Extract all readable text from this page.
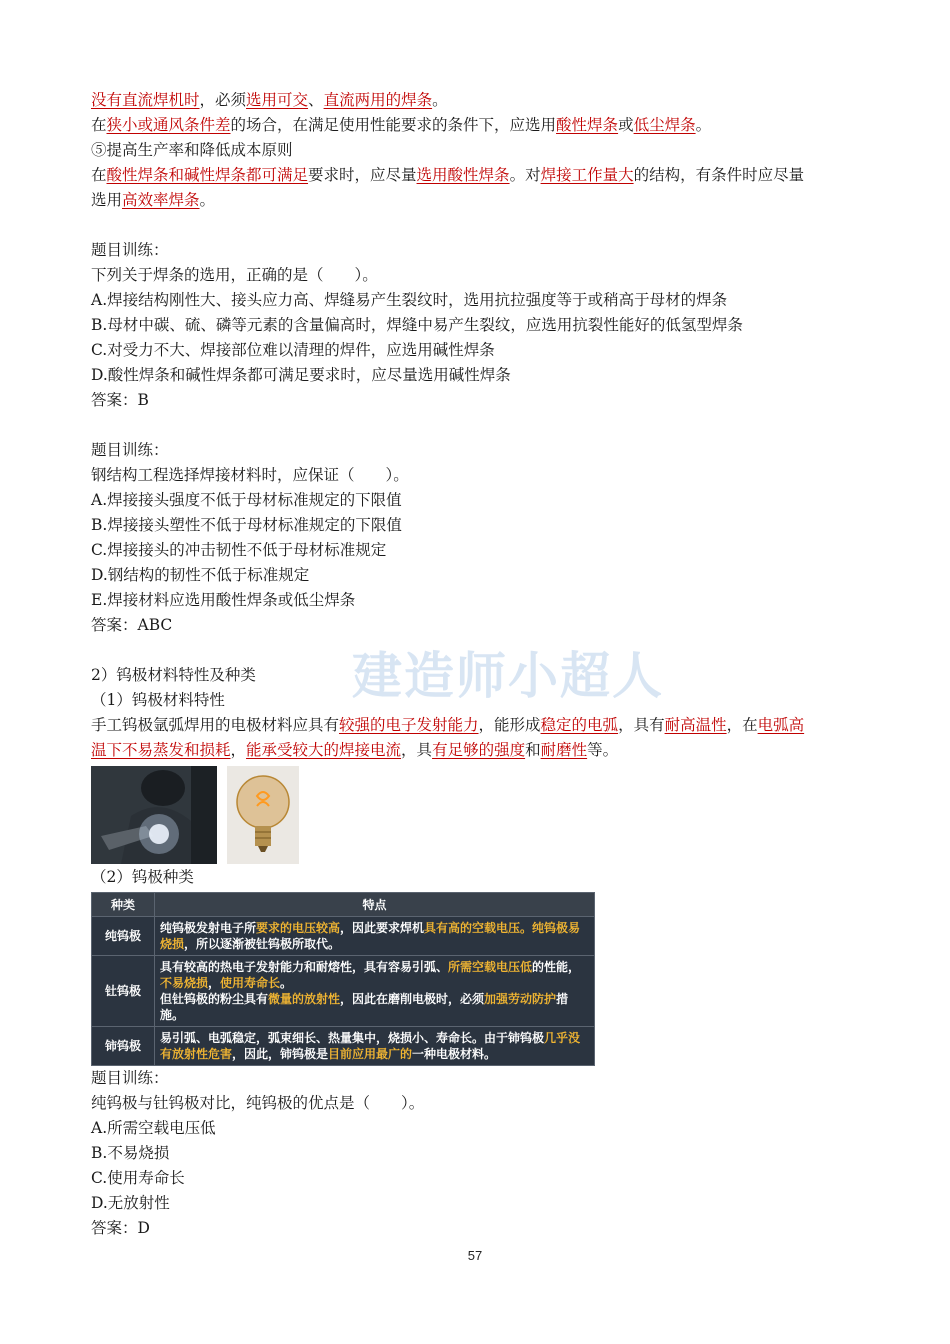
没有直流焊机时，必须选用可交、直流两用的焊条。
在狭小或通风条件差的场合，在满足使用性能要求的条件下，应选用酸性焊条或低尘焊条。
⑤提高生产率和降低成本原则
在酸性焊条和碱性焊条都可满足要求时，应尽量选用酸性焊条。对焊接工作量大的结构，有条件时应尽量
选用高效率焊条。
题目训练：
下列关于焊条的选用，正确的是（　　）。
A.焊接结构刚性大、接头应力高、焊缝易产生裂纹时，选用抗拉强度等于或稍高于母材的焊条
B.母材中碳、硫、磷等元素的含量偏高时，焊缝中易产生裂纹，应选用抗裂性能好的低氢型焊条
C.对受力不大、焊接部位难以清理的焊件，应选用碱性焊条
D.酸性焊条和碱性焊条都可满足要求时，应尽量选用碱性焊条
答案：B
题目训练：
钢结构工程选择焊接材料时，应保证（　　）。
A.焊接接头强度不低于母材标准规定的下限值
B.焊接接头塑性不低于母材标准规定的下限值
C.焊接接头的冲击韧性不低于母材标准规定
D.钢结构的韧性不低于标准规定
E.焊接材料应选用酸性焊条或低尘焊条
答案：ABC
2）钨极材料特性及种类
（1）钨极材料特性
手工钨极氩弧焊用的电极材料应具有较强的电子发射能力，能形成稳定的电弧，具有耐高温性，在电弧高
温下不易蒸发和损耗，能承受较大的焊接电流，具有足够的强度和耐磨性等。
（2）钨极种类
种类	特点
纯钨极	纯钨极发射电子所要求的电压较高，因此要求焊机具有高的空载电压。纯钨极易烧损，所以逐渐被钍钨极所取代。
钍钨极	具有较高的热电子发射能力和耐熔性，具有容易引弧、所需空载电压低的性能，不易烧损，使用寿命长。
但钍钨极的粉尘具有微量的放射性，因此在磨削电极时，必须加强劳动防护措施。
铈钨极	易引弧、电弧稳定，弧束细长、热量集中，烧损小、寿命长。由于铈钨极几乎没有放射性危害，因此，铈钨极是目前应用最广的一种电极材料。
题目训练：
纯钨极与钍钨极对比，纯钨极的优点是（　　）。
A.所需空载电压低
B.不易烧损
C.使用寿命长
D.无放射性
答案：D
建造师小超人
57
